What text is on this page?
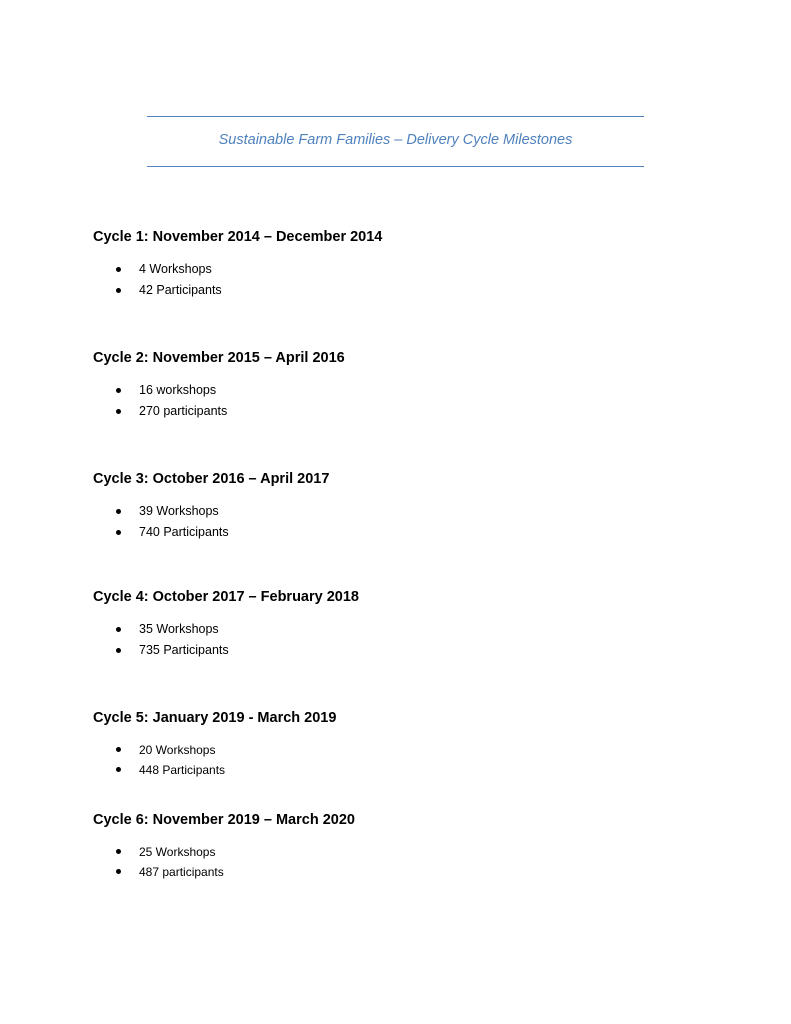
Sustainable Farm Families – Delivery Cycle Milestones

Cycle 1: November 2014 – December 2014

4 Workshops
42 Participants

Cycle 2: November 2015 – April 2016

16 workshops
270 participants

Cycle 3: October 2016 – April 2017

39 Workshops
740 Participants

Cycle 4: October 2017 – February 2018

35 Workshops
735 Participants

Cycle 5: January 2019 - March 2019

20 Workshops
448 Participants

Cycle 6: November 2019 – March 2020

25 Workshops
487 participants
